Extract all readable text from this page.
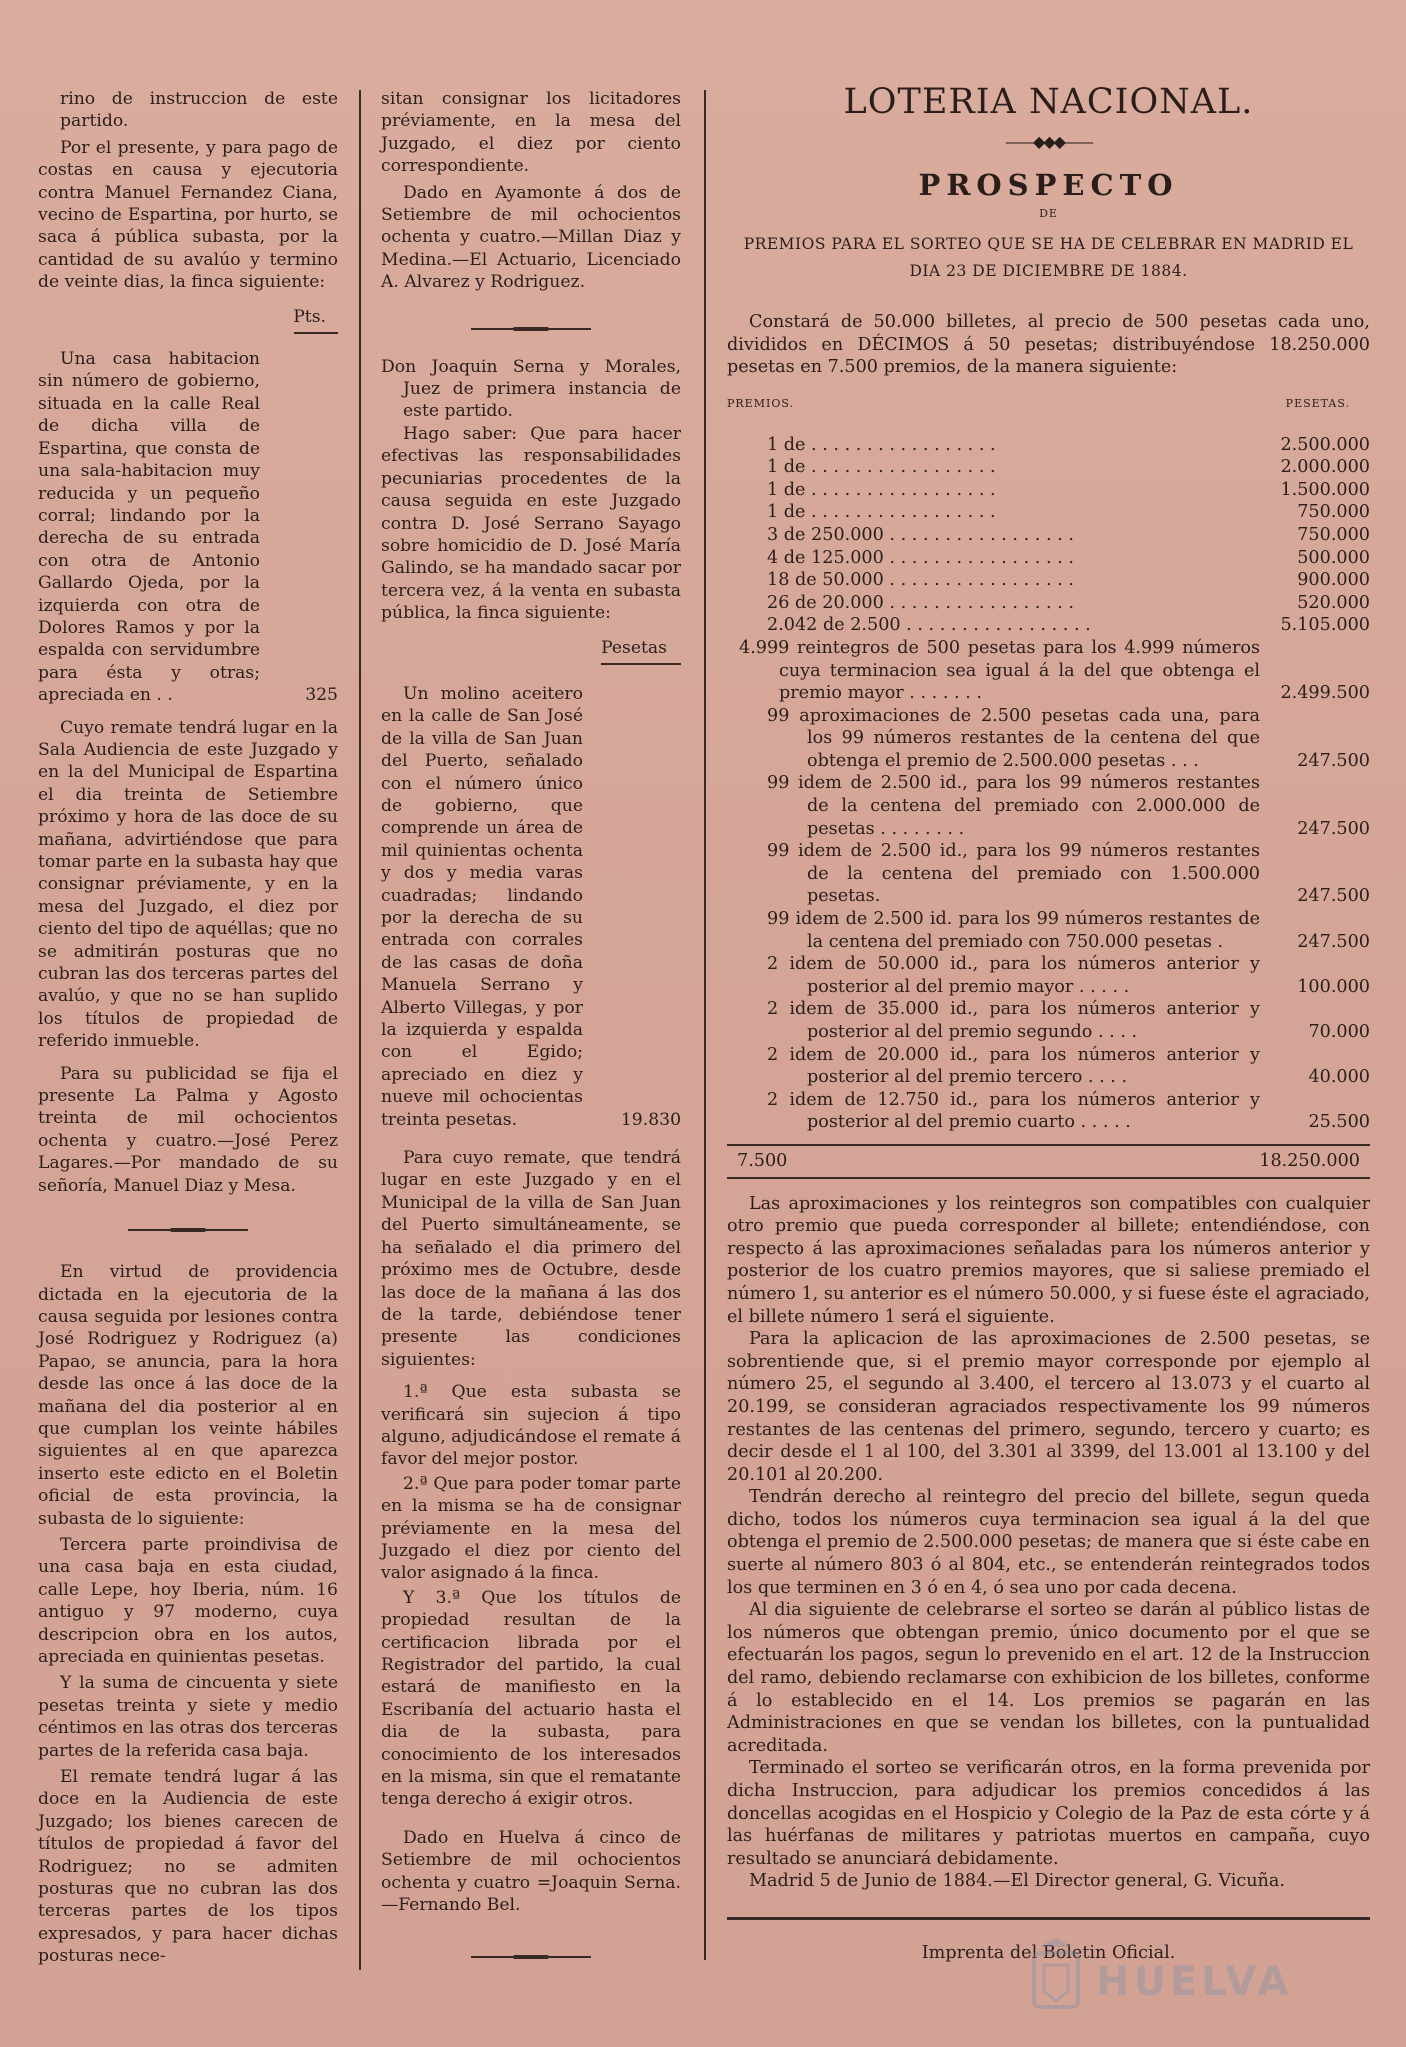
rino de instruccion de este partido.

Por el presente, y para pago de costas en causa y ejecutoria contra Manuel Fernandez Ciana, vecino de Espartina, por hurto, se saca á pública subasta, por la cantidad de su avalúo y termino de veinte dias, la finca siguiente:

Pts.

Una casa habitacion sin número de gobierno, situada en la calle Real de dicha villa de Espartina, que consta de una sala-habitacion muy reducida y un pequeño corral; lindando por la derecha de su entrada con otra de Antonio Gallardo Ojeda, por la izquierda con otra de Dolores Ramos y por la espalda con servidumbre para ésta y otras; apreciada en . .	325

Cuyo remate tendrá lugar en la Sala Audiencia de este Juzgado y en la del Municipal de Espartina el dia treinta de Setiembre próximo y hora de las doce de su mañana, advirtiéndose que para tomar parte en la subasta hay que consignar préviamente, y en la mesa del Juzgado, el diez por ciento del tipo de aquéllas; que no se admitirán posturas que no cubran las dos terceras partes del avalúo, y que no se han suplido los títulos de propiedad de referido inmueble.

Para su publicidad se fija el presente La Palma y Agosto treinta de mil ochocientos ochenta y cuatro.—José Perez Lagares.—Por mandado de su señoría, Manuel Diaz y Mesa.

En virtud de providencia dictada en la ejecutoria de la causa seguida por lesiones contra José Rodriguez y Rodriguez (a) Papao, se anuncia, para la hora desde las once á las doce de la mañana del dia posterior al en que cumplan los veinte hábiles siguientes al en que aparezca inserto este edicto en el Boletin oficial de esta provincia, la subasta de lo siguiente:

Tercera parte proindivisa de una casa baja en esta ciudad, calle Lepe, hoy Iberia, núm. 16 antiguo y 97 moderno, cuya descripcion obra en los autos, apreciada en quinientas pesetas.

Y la suma de cincuenta y siete pesetas treinta y siete y medio céntimos en las otras dos terceras partes de la referida casa baja.

El remate tendrá lugar á las doce en la Audiencia de este Juzgado; los bienes carecen de títulos de propiedad á favor del Rodriguez; no se admiten posturas que no cubran las dos terceras partes de los tipos expresados, y para hacer dichas posturas nece-

sitan consignar los licitadores préviamente, en la mesa del Juzgado, el diez por ciento correspondiente.

Dado en Ayamonte á dos de Setiembre de mil ochocientos ochenta y cuatro.—Millan Diaz y Medina.—El Actuario, Licenciado A. Alvarez y Rodriguez.

Don Joaquin Serna y Morales, Juez de primera instancia de este partido.

Hago saber: Que para hacer efectivas las responsabilidades pecuniarias procedentes de la causa seguida en este Juzgado contra D. José Serrano Sayago sobre homicidio de D. José María Galindo, se ha mandado sacar por tercera vez, á la venta en subasta pública, la finca siguiente:

Pesetas

Un molino aceitero en la calle de San José de la villa de San Juan del Puerto, señalado con el número único de gobierno, que comprende un área de mil quinientas ochenta y dos y media varas cuadradas; lindando por la derecha de su entrada con corrales de las casas de doña Manuela Serrano y Alberto Villegas, y por la izquierda y espalda con el Egido; apreciado en diez y nueve mil ochocientas treinta pesetas.	19.830

Para cuyo remate, que tendrá lugar en este Juzgado y en el Municipal de la villa de San Juan del Puerto simultáneamente, se ha señalado el dia primero del próximo mes de Octubre, desde las doce de la mañana á las dos de la tarde, debiéndose tener presente las condiciones siguientes:

1.ª Que esta subasta se verificará sin sujecion á tipo alguno, adjudicándose el remate á favor del mejor postor.

2.ª Que para poder tomar parte en la misma se ha de consignar préviamente en la mesa del Juzgado el diez por ciento del valor asignado á la finca.

Y 3.ª Que los títulos de propiedad resultan de la certificacion librada por el Registrador del partido, la cual estará de manifiesto en la Escribanía del actuario hasta el dia de la subasta, para conocimiento de los interesados en la misma, sin que el rematante tenga derecho á exigir otros.

Dado en Huelva á cinco de Setiembre de mil ochocientos ochenta y cuatro =Joaquin Serna.—Fernando Bel.

LOTERIA NACIONAL.
——◆◆◆——
PROSPECTO
DE
PREMIOS PARA EL SORTEO QUE SE HA DE CELEBRAR EN MADRID EL DIA 23 DE DICIEMBRE DE 1884.

Constará de 50.000 billetes, al precio de 500 pesetas cada uno, divididos en DÉCIMOS á 50 pesetas; distribuyéndose 18.250.000 pesetas en 7.500 premios, de la manera siguiente:

PREMIOS.	PESETAS.
1 de . . . . . . . . . . . . . . . . .	2.500.000
1 de . . . . . . . . . . . . . . . . .	2.000.000
1 de . . . . . . . . . . . . . . . . .	1.500.000
1 de . . . . . . . . . . . . . . . . .	750.000
3 de 250.000 . . . . . . . . . . . . . . . . .	750.000
4 de 125.000 . . . . . . . . . . . . . . . . .	500.000
18 de 50.000 . . . . . . . . . . . . . . . . .	900.000
26 de 20.000 . . . . . . . . . . . . . . . . .	520.000
2.042 de 2.500 . . . . . . . . . . . . . . . . .	5.105.000
4.999 reintegros de 500 pesetas para los 4.999 números cuya terminacion sea igual á la del que obtenga el premio mayor . . . . . . .	2.499.500
99 aproximaciones de 2.500 pesetas cada una, para los 99 números restantes de la centena del que obtenga el premio de 2.500.000 pesetas . . .	247.500
99 idem de 2.500 id., para los 99 números restantes de la centena del premiado con 2.000.000 de pesetas . . . . . . . .	247.500
99 idem de 2.500 id., para los 99 números restantes de la centena del premiado con 1.500.000 pesetas.	247.500
99 idem de 2.500 id. para los 99 números restantes de la centena del premiado con 750.000 pesetas .	247.500
2 idem de 50.000 id., para los números anterior y posterior al del premio mayor . . . . .	100.000
2 idem de 35.000 id., para los números anterior y posterior al del premio segundo . . . .	70.000
2 idem de 20.000 id., para los números anterior y posterior al del premio tercero . . . .	40.000
2 idem de 12.750 id., para los números anterior y posterior al del premio cuarto . . . . .	25.500
7.500	18.250.000

Las aproximaciones y los reintegros son compatibles con cualquier otro premio que pueda corresponder al billete; entendiéndose, con respecto á las aproximaciones señaladas para los números anterior y posterior de los cuatro premios mayores, que si saliese premiado el número 1, su anterior es el número 50.000, y si fuese éste el agraciado, el billete número 1 será el siguiente.

Para la aplicacion de las aproximaciones de 2.500 pesetas, se sobrentiende que, si el premio mayor corresponde por ejemplo al número 25, el segundo al 3.400, el tercero al 13.073 y el cuarto al 20.199, se consideran agraciados respectivamente los 99 números restantes de las centenas del primero, segundo, tercero y cuarto; es decir desde el 1 al 100, del 3.301 al 3399, del 13.001 al 13.100 y del 20.101 al 20.200.

Tendrán derecho al reintegro del precio del billete, segun queda dicho, todos los números cuya terminacion sea igual á la del que obtenga el premio de 2.500.000 pesetas; de manera que si éste cabe en suerte al número 803 ó al 804, etc., se entenderán reintegrados todos los que terminen en 3 ó en 4, ó sea uno por cada decena.

Al dia siguiente de celebrarse el sorteo se darán al público listas de los números que obtengan premio, único documento por el que se efectuarán los pagos, segun lo prevenido en el art. 12 de la Instruccion del ramo, debiendo reclamarse con exhibicion de los billetes, conforme á lo establecido en el 14. Los premios se pagarán en las Administraciones en que se vendan los billetes, con la puntualidad acreditada.

Terminado el sorteo se verificarán otros, en la forma prevenida por dicha Instruccion, para adjudicar los premios concedidos á las doncellas acogidas en el Hospicio y Colegio de la Paz de esta córte y á las huérfanas de militares y patriotas muertos en campaña, cuyo resultado se anunciará debidamente.

Madrid 5 de Junio de 1884.—El Director general, G. Vicuña.

Imprenta del Boletin Oficial.

HUELVA
